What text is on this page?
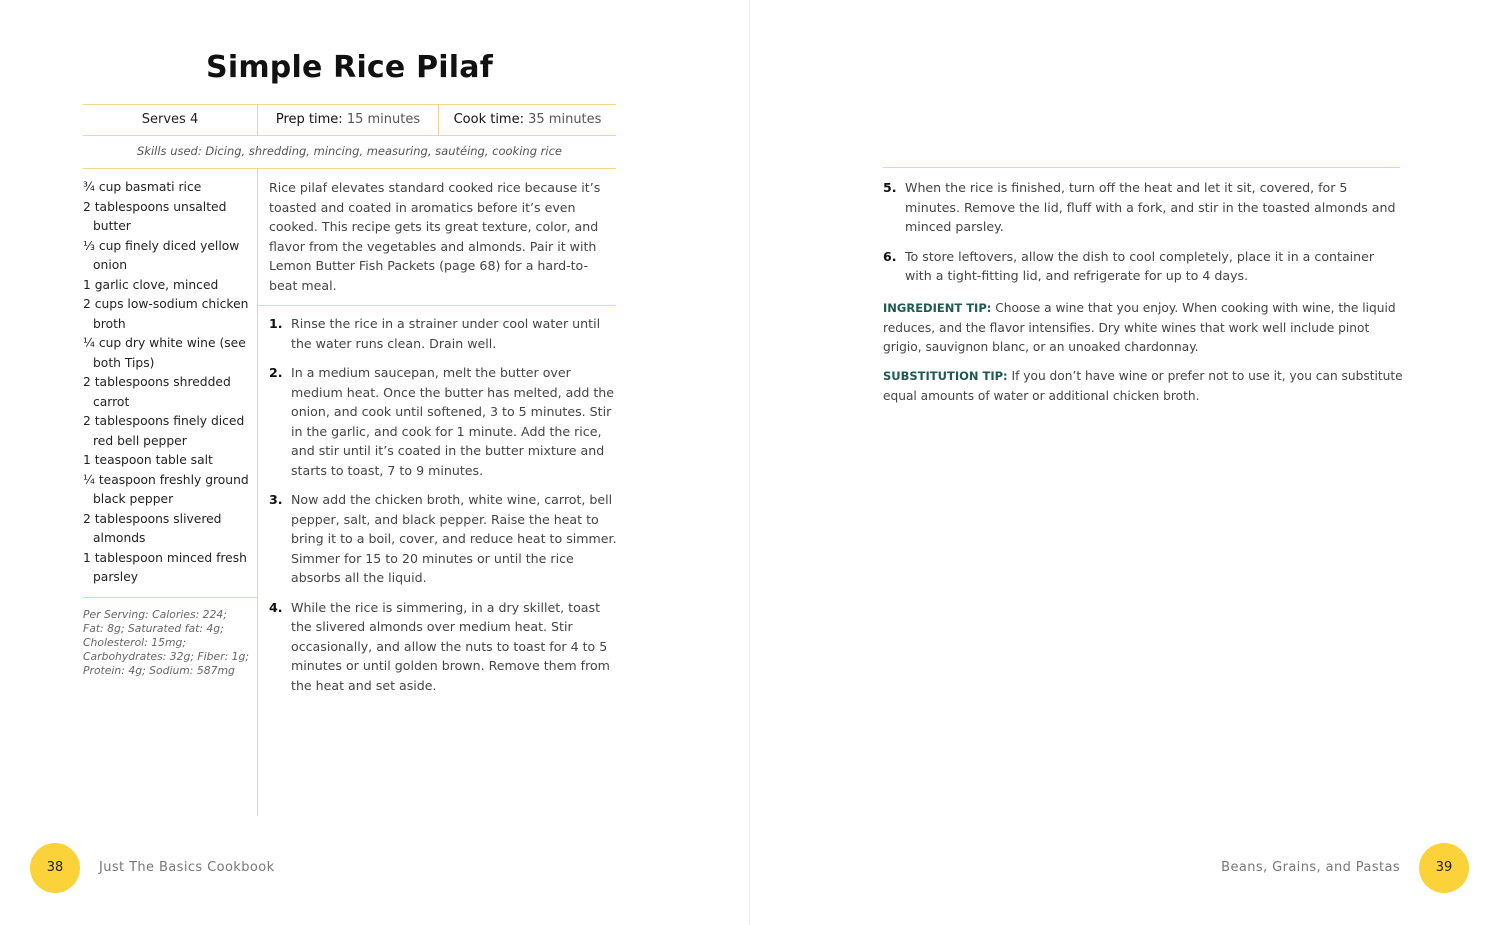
Simple Rice Pilaf
Serves 4	Prep time: 15 minutes	Cook time: 35 minutes
Skills used: Dicing, shredding, mincing, measuring, sautéing, cooking rice
¾ cup basmati rice
2 tablespoons unsalted butter
⅓ cup finely diced yellow onion
1 garlic clove, minced
2 cups low-sodium chicken broth
¼ cup dry white wine (see both Tips)
2 tablespoons shredded carrot
2 tablespoons finely diced red bell pepper
1 teaspoon table salt
¼ teaspoon freshly ground black pepper
2 tablespoons slivered almonds
1 tablespoon minced fresh parsley
Per Serving: Calories: 224; Fat: 8g; Saturated fat: 4g; Cholesterol: 15mg; Carbohydrates: 32g; Fiber: 1g; Protein: 4g; Sodium: 587mg

Rice pilaf elevates standard cooked rice because it’s toasted and coated in aromatics before it’s even cooked. This recipe gets its great texture, color, and flavor from the vegetables and almonds. Pair it with Lemon Butter Fish Packets (page 68) for a hard-to-beat meal.

1. Rinse the rice in a strainer under cool water until the water runs clean. Drain well.
2. In a medium saucepan, melt the butter over medium heat. Once the butter has melted, add the onion, and cook until softened, 3 to 5 minutes. Stir in the garlic, and cook for 1 minute. Add the rice, and stir until it’s coated in the butter mixture and starts to toast, 7 to 9 minutes.
3. Now add the chicken broth, white wine, carrot, bell pepper, salt, and black pepper. Raise the heat to bring it to a boil, cover, and reduce heat to simmer. Simmer for 15 to 20 minutes or until the rice absorbs all the liquid.
4. While the rice is simmering, in a dry skillet, toast the slivered almonds over medium heat. Stir occasionally, and allow the nuts to toast for 4 to 5 minutes or until golden brown. Remove them from the heat and set aside.
38	Just The Basics Cookbook
5. When the rice is finished, turn off the heat and let it sit, covered, for 5 minutes. Remove the lid, fluff with a fork, and stir in the toasted almonds and minced parsley.
6. To store leftovers, allow the dish to cool completely, place it in a container with a tight-fitting lid, and refrigerate for up to 4 days.

INGREDIENT TIP: Choose a wine that you enjoy. When cooking with wine, the liquid reduces, and the flavor intensifies. Dry white wines that work well include pinot grigio, sauvignon blanc, or an unoaked chardonnay.

SUBSTITUTION TIP: If you don’t have wine or prefer not to use it, you can substitute equal amounts of water or additional chicken broth.

Beans, Grains, and Pastas	39
